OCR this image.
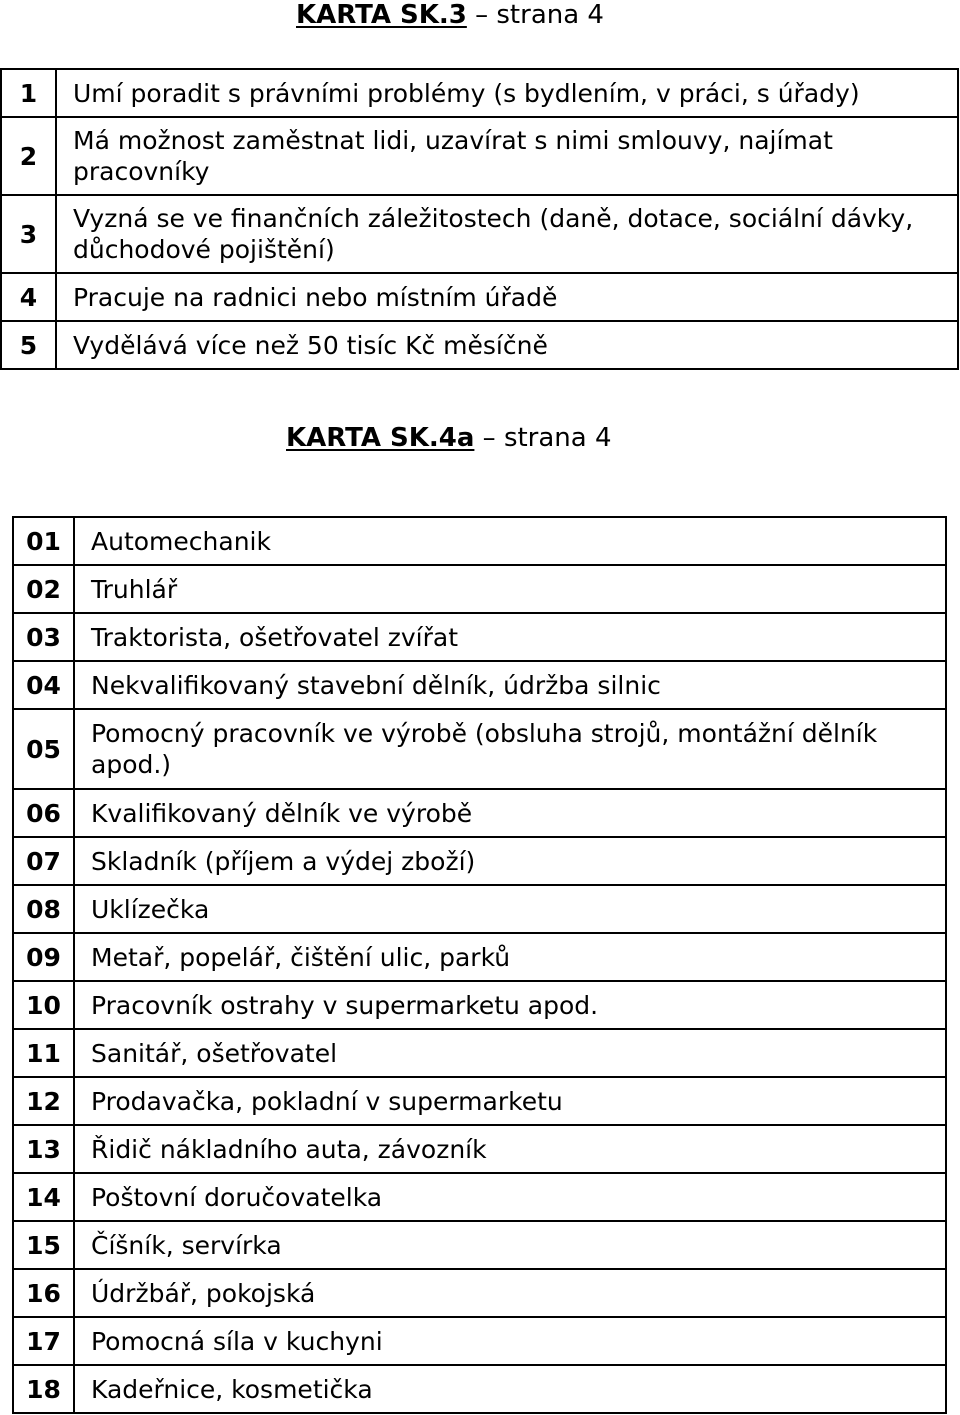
KARTA SK.3 – strana 4
1	Umí poradit s právními problémy (s bydlením, v práci, s úřady)
2	Má možnost zaměstnat lidi, uzavírat s nimi smlouvy, najímat pracovníky
3	Vyzná se ve finančních záležitostech (daně, dotace, sociální dávky, důchodové pojištění)
4	Pracuje na radnici nebo místním úřadě
5	Vydělává více než 50 tisíc Kč měsíčně
KARTA SK.4a – strana 4
01	Automechanik
02	Truhlář
03	Traktorista, ošetřovatel zvířat
04	Nekvalifikovaný stavební dělník, údržba silnic
05	Pomocný pracovník ve výrobě (obsluha strojů, montážní dělník apod.)
06	Kvalifikovaný dělník ve výrobě
07	Skladník (příjem a výdej zboží)
08	Uklízečka
09	Metař, popelář, čištění ulic, parků
10	Pracovník ostrahy v supermarketu apod.
11	Sanitář, ošetřovatel
12	Prodavačka, pokladní v supermarketu
13	Řidič nákladního auta, závozník
14	Poštovní doručovatelka
15	Číšník, servírka
16	Údržbář, pokojská
17	Pomocná síla v kuchyni
18	Kadeřnice, kosmetička
